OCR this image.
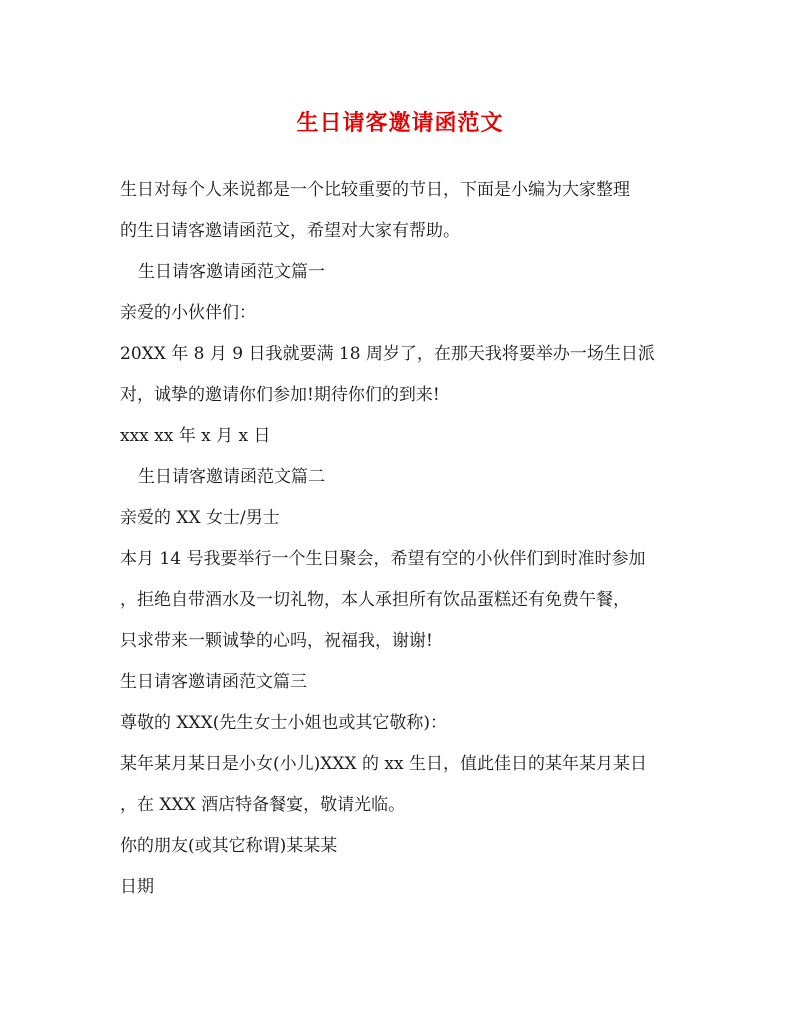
生日请客邀请函范文
生日对每个人来说都是一个比较重要的节日，下面是小编为大家整理
的生日请客邀请函范文，希望对大家有帮助。
生日请客邀请函范文篇一
亲爱的小伙伴们：
20XX 年 8 月 9 日我就要满 18 周岁了，在那天我将要举办一场生日派
对，诚挚的邀请你们参加!期待你们的到来!
xxx xx 年 x 月 x 日
生日请客邀请函范文篇二
亲爱的 XX 女士/男士
本月 14 号我要举行一个生日聚会，希望有空的小伙伴们到时准时参加
，拒绝自带酒水及一切礼物，本人承担所有饮品蛋糕还有免费午餐，
只求带来一颗诚挚的心吗，祝福我，谢谢!
生日请客邀请函范文篇三
尊敬的 XXX(先生女士小姐也或其它敬称)：
某年某月某日是小女(小儿)XXX 的 xx 生日，值此佳日的某年某月某日
，在 XXX 酒店特备餐宴，敬请光临。
你的朋友(或其它称谓)某某某
日期
